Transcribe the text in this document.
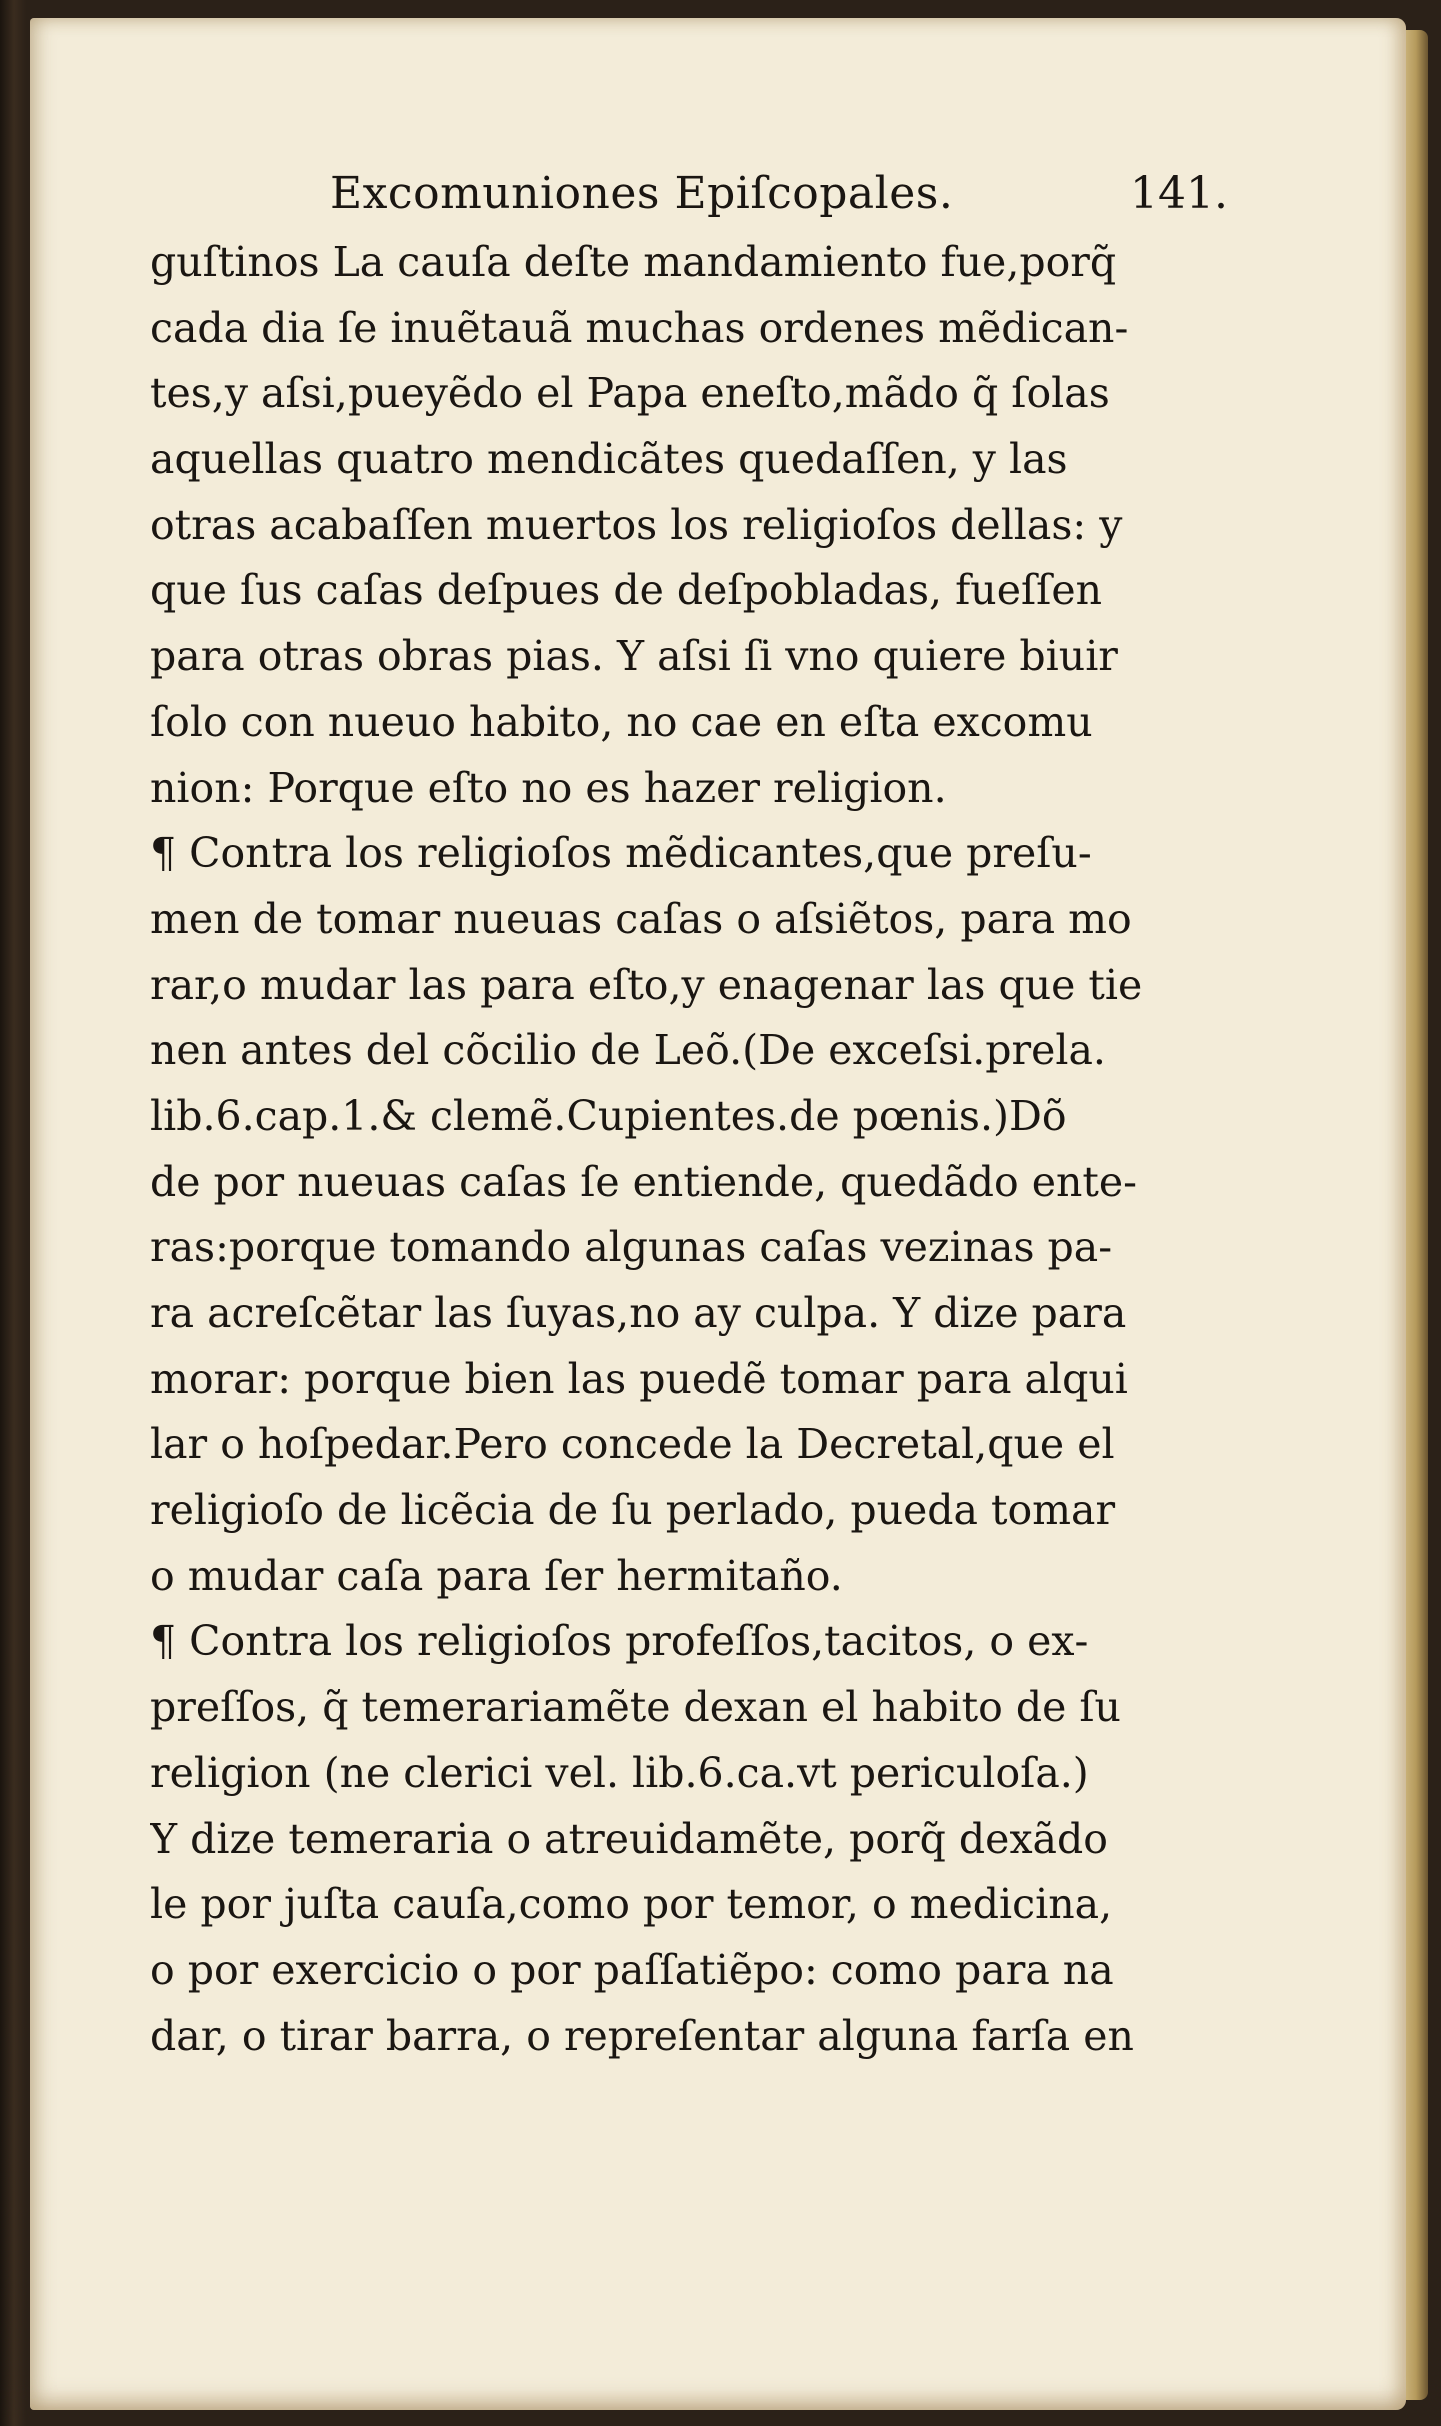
Excomuniones Epiſcopales.	141.
guſtinos La cauſa deſte mandamiento fue,porq̃
cada dia ſe inuẽtauã muchas ordenes mẽdican‑
tes,y aſsi,pueyẽdo el Papa eneſto,mãdo q̃ ſolas
aquellas quatro mendicãtes quedaſſen, y las
otras acabaſſen muertos los religioſos dellas: y
que ſus caſas deſpues de deſpobladas, fueſſen
para otras obras pias. Y aſsi ſi vno quiere biuir
ſolo con nueuo habito, no cae en eſta excomu
nion: Porque eſto no es hazer religion.
¶ Contra los religioſos mẽdicantes,que preſu‑
men de tomar nueuas caſas o aſsiẽtos, para mo
rar,o mudar las para eſto,y enagenar las que tie
nen antes del cõcilio de Leõ.(De exceſsi.prela.
lib.6.cap.1.& clemẽ.Cupientes.de pœnis.)Dõ
de por nueuas caſas ſe entiende, quedãdo ente‑
ras:porque tomando algunas caſas vezinas pa‑
ra acreſcẽtar las ſuyas,no ay culpa. Y dize para
morar: porque bien las puedẽ tomar para alqui
lar o hoſpedar.Pero concede la Decretal,que el
religioſo de licẽcia de ſu perlado, pueda tomar
o mudar caſa para ſer hermitaño.
¶ Contra los religioſos profeſſos,tacitos, o ex‑
preſſos, q̃ temerariamẽte dexan el habito de ſu
religion (ne clerici vel. lib.6.ca.vt periculoſa.)
Y dize temeraria o atreuidamẽte, porq̃ dexãdo
le por juſta cauſa,como por temor, o medicina,
o por exercicio o por paſſatiẽpo: como para na
dar, o tirar barra, o repreſentar alguna farſa en
